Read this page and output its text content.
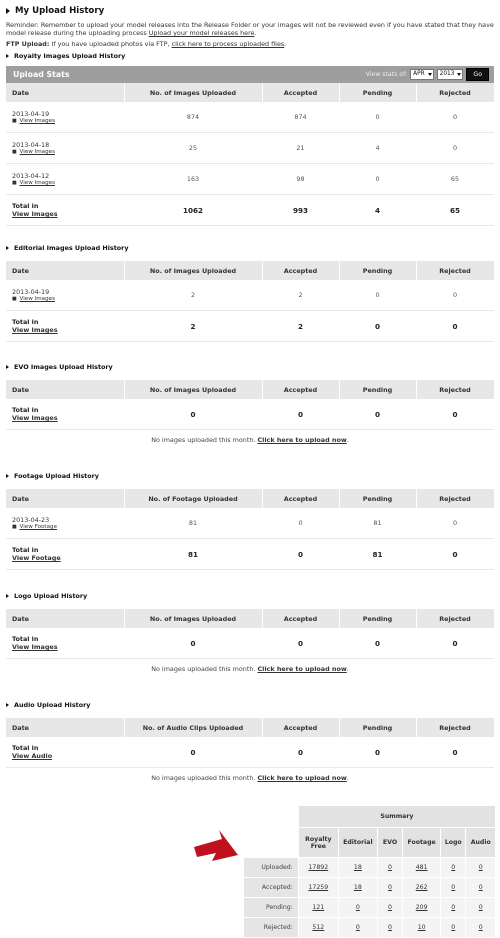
My Upload History
Reminder: Remember to upload your model releases into the Release Folder or your images will not be reviewed even if you have stated that they have model release during the uploading process Upload your model releases here.
FTP Upload: If you have uploaded photos via FTP, click here to process uploaded files.
Royalty Images Upload History
Upload Stats	View stats of: APR	2013	Go
Date	No. of Images Uploaded	Accepted	Pending	Rejected

2013-04-19
■ View Images	874	874	0	0

2013-04-18
■ View Images	25	21	4	0

2013-04-12
■ View Images	163	98	0	65

Total in
View Images	1062	993	4	65
Editorial Images Upload History
Date	No. of Images Uploaded	Accepted	Pending	Rejected

2013-04-19
■ View Images	2	2	0	0

Total in
View Images	2	2	0	0
EVO Images Upload History
Date	No. of Images Uploaded	Accepted	Pending	Rejected

Total in
View Images	0	0	0	0
No images uploaded this month. Click here to upload now.
Footage Upload History
Date	No. of Footage Uploaded	Accepted	Pending	Rejected

2013-04-23
■ View Footage	81	0	81	0

Total in
View Footage	81	0	81	0
Logo Upload History
Date	No. of Images Uploaded	Accepted	Pending	Rejected

Total in
View Images	0	0	0	0
No images uploaded this month. Click here to upload now.
Audio Upload History
Date	No. of Audio Clips Uploaded	Accepted	Pending	Rejected

Total in
View Audio	0	0	0	0
No images uploaded this month. Click here to upload now.
	Summary					
	Royalty Free	Editorial	EVO	Footage	Logo	Audio
Uploaded:	17892	18	0	481	0	0
Accepted:	17259	18	0	262	0	0
Pending:	121	0	0	209	0	0
Rejected:	512	0	0	10	0	0
